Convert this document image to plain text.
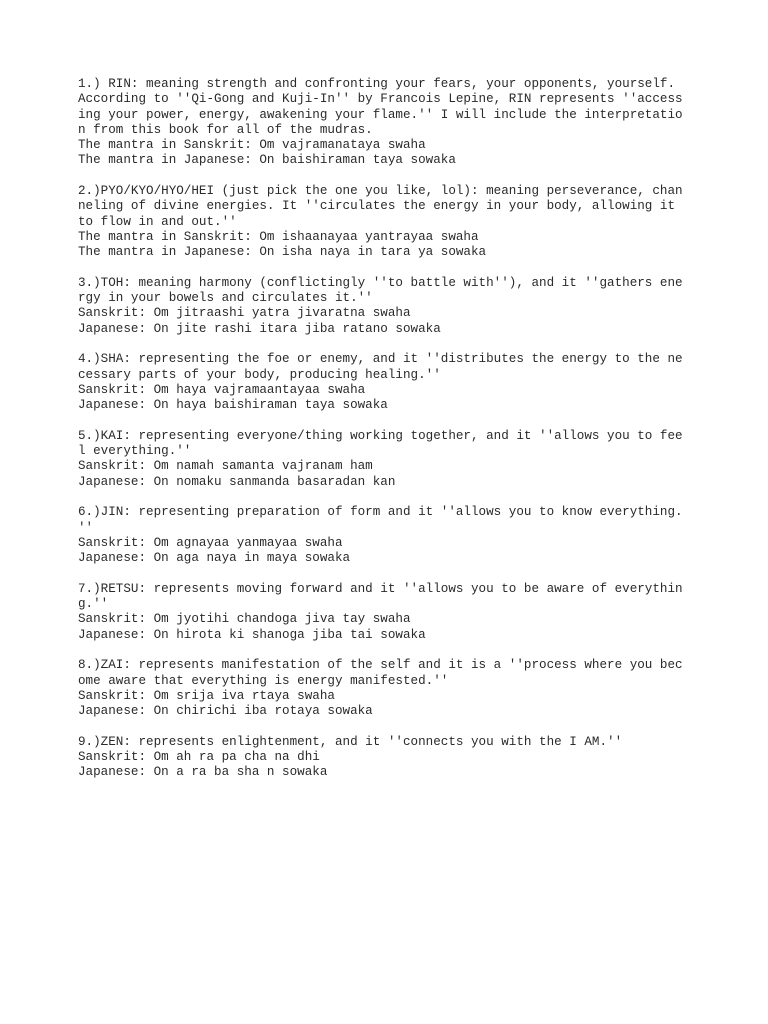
1.) RIN: meaning strength and confronting your fears, your opponents, yourself.
According to ''Qi-Gong and Kuji-In'' by Francois Lepine, RIN represents ''access
ing your power, energy, awakening your flame.'' I will include the interpretatio
n from this book for all of the mudras.
The mantra in Sanskrit: Om vajramanataya swaha
The mantra in Japanese: On baishiraman taya sowaka
2.)PYO/KYO/HYO/HEI (just pick the one you like, lol): meaning perseverance, chan
neling of divine energies. It ''circulates the energy in your body, allowing it
to flow in and out.''
The mantra in Sanskrit: Om ishaanayaa yantrayaa swaha
The mantra in Japanese: On isha naya in tara ya sowaka
3.)TOH: meaning harmony (conflictingly ''to battle with''), and it ''gathers ene
rgy in your bowels and circulates it.''
Sanskrit: Om jitraashi yatra jivaratna swaha
Japanese: On jite rashi itara jiba ratano sowaka
4.)SHA: representing the foe or enemy, and it ''distributes the energy to the ne
cessary parts of your body, producing healing.''
Sanskrit: Om haya vajramaantayaa swaha
Japanese: On haya baishiraman taya sowaka
5.)KAI: representing everyone/thing working together, and it ''allows you to fee
l everything.''
Sanskrit: Om namah samanta vajranam ham
Japanese: On nomaku sanmanda basaradan kan
6.)JIN: representing preparation of form and it ''allows you to know everything.
''
Sanskrit: Om agnayaa yanmayaa swaha
Japanese: On aga naya in maya sowaka
7.)RETSU: represents moving forward and it ''allows you to be aware of everythin
g.''
Sanskrit: Om jyotihi chandoga jiva tay swaha
Japanese: On hirota ki shanoga jiba tai sowaka
8.)ZAI: represents manifestation of the self and it is a ''process where you bec
ome aware that everything is energy manifested.''
Sanskrit: Om srija iva rtaya swaha
Japanese: On chirichi iba rotaya sowaka
9.)ZEN: represents enlightenment, and it ''connects you with the I AM.''
Sanskrit: Om ah ra pa cha na dhi
Japanese: On a ra ba sha n sowaka
